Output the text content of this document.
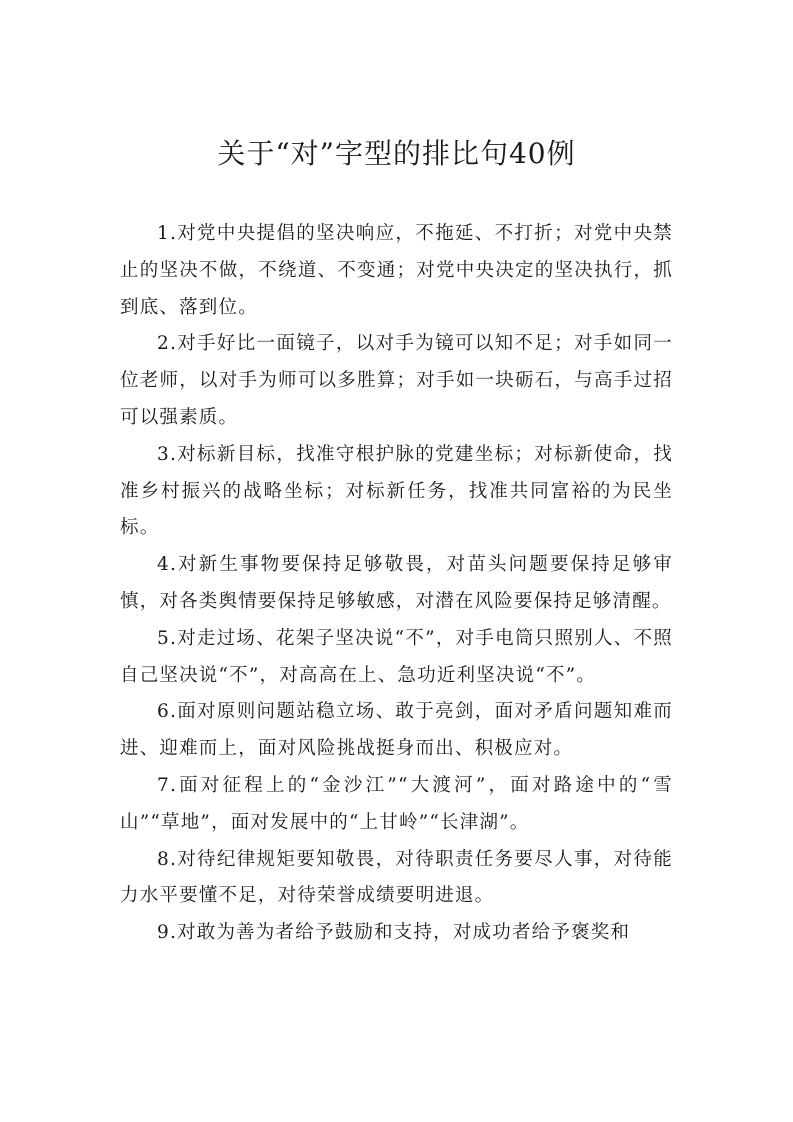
关于“对”字型的排比句40例

1.对党中央提倡的坚决响应，不拖延、不打折；对党中央禁止的坚决不做，不绕道、不变通；对党中央决定的坚决执行，抓到底、落到位。

2.对手好比一面镜子，以对手为镜可以知不足；对手如同一位老师，以对手为师可以多胜算；对手如一块砺石，与高手过招可以强素质。

3.对标新目标，找准守根护脉的党建坐标；对标新使命，找准乡村振兴的战略坐标；对标新任务，找准共同富裕的为民坐标。

4.对新生事物要保持足够敬畏，对苗头问题要保持足够审慎，对各类舆情要保持足够敏感，对潜在风险要保持足够清醒。

5.对走过场、花架子坚决说“不”，对手电筒只照别人、不照自己坚决说“不”，对高高在上、急功近利坚决说“不”。

6.面对原则问题站稳立场、敢于亮剑，面对矛盾问题知难而进、迎难而上，面对风险挑战挺身而出、积极应对。

7.面对征程上的“金沙江”“大渡河”，面对路途中的“雪山”“草地”，面对发展中的“上甘岭”“长津湖”。

8.对待纪律规矩要知敬畏，对待职责任务要尽人事，对待能力水平要懂不足，对待荣誉成绩要明进退。

9.对敢为善为者给予鼓励和支持，对成功者给予褒奖和
